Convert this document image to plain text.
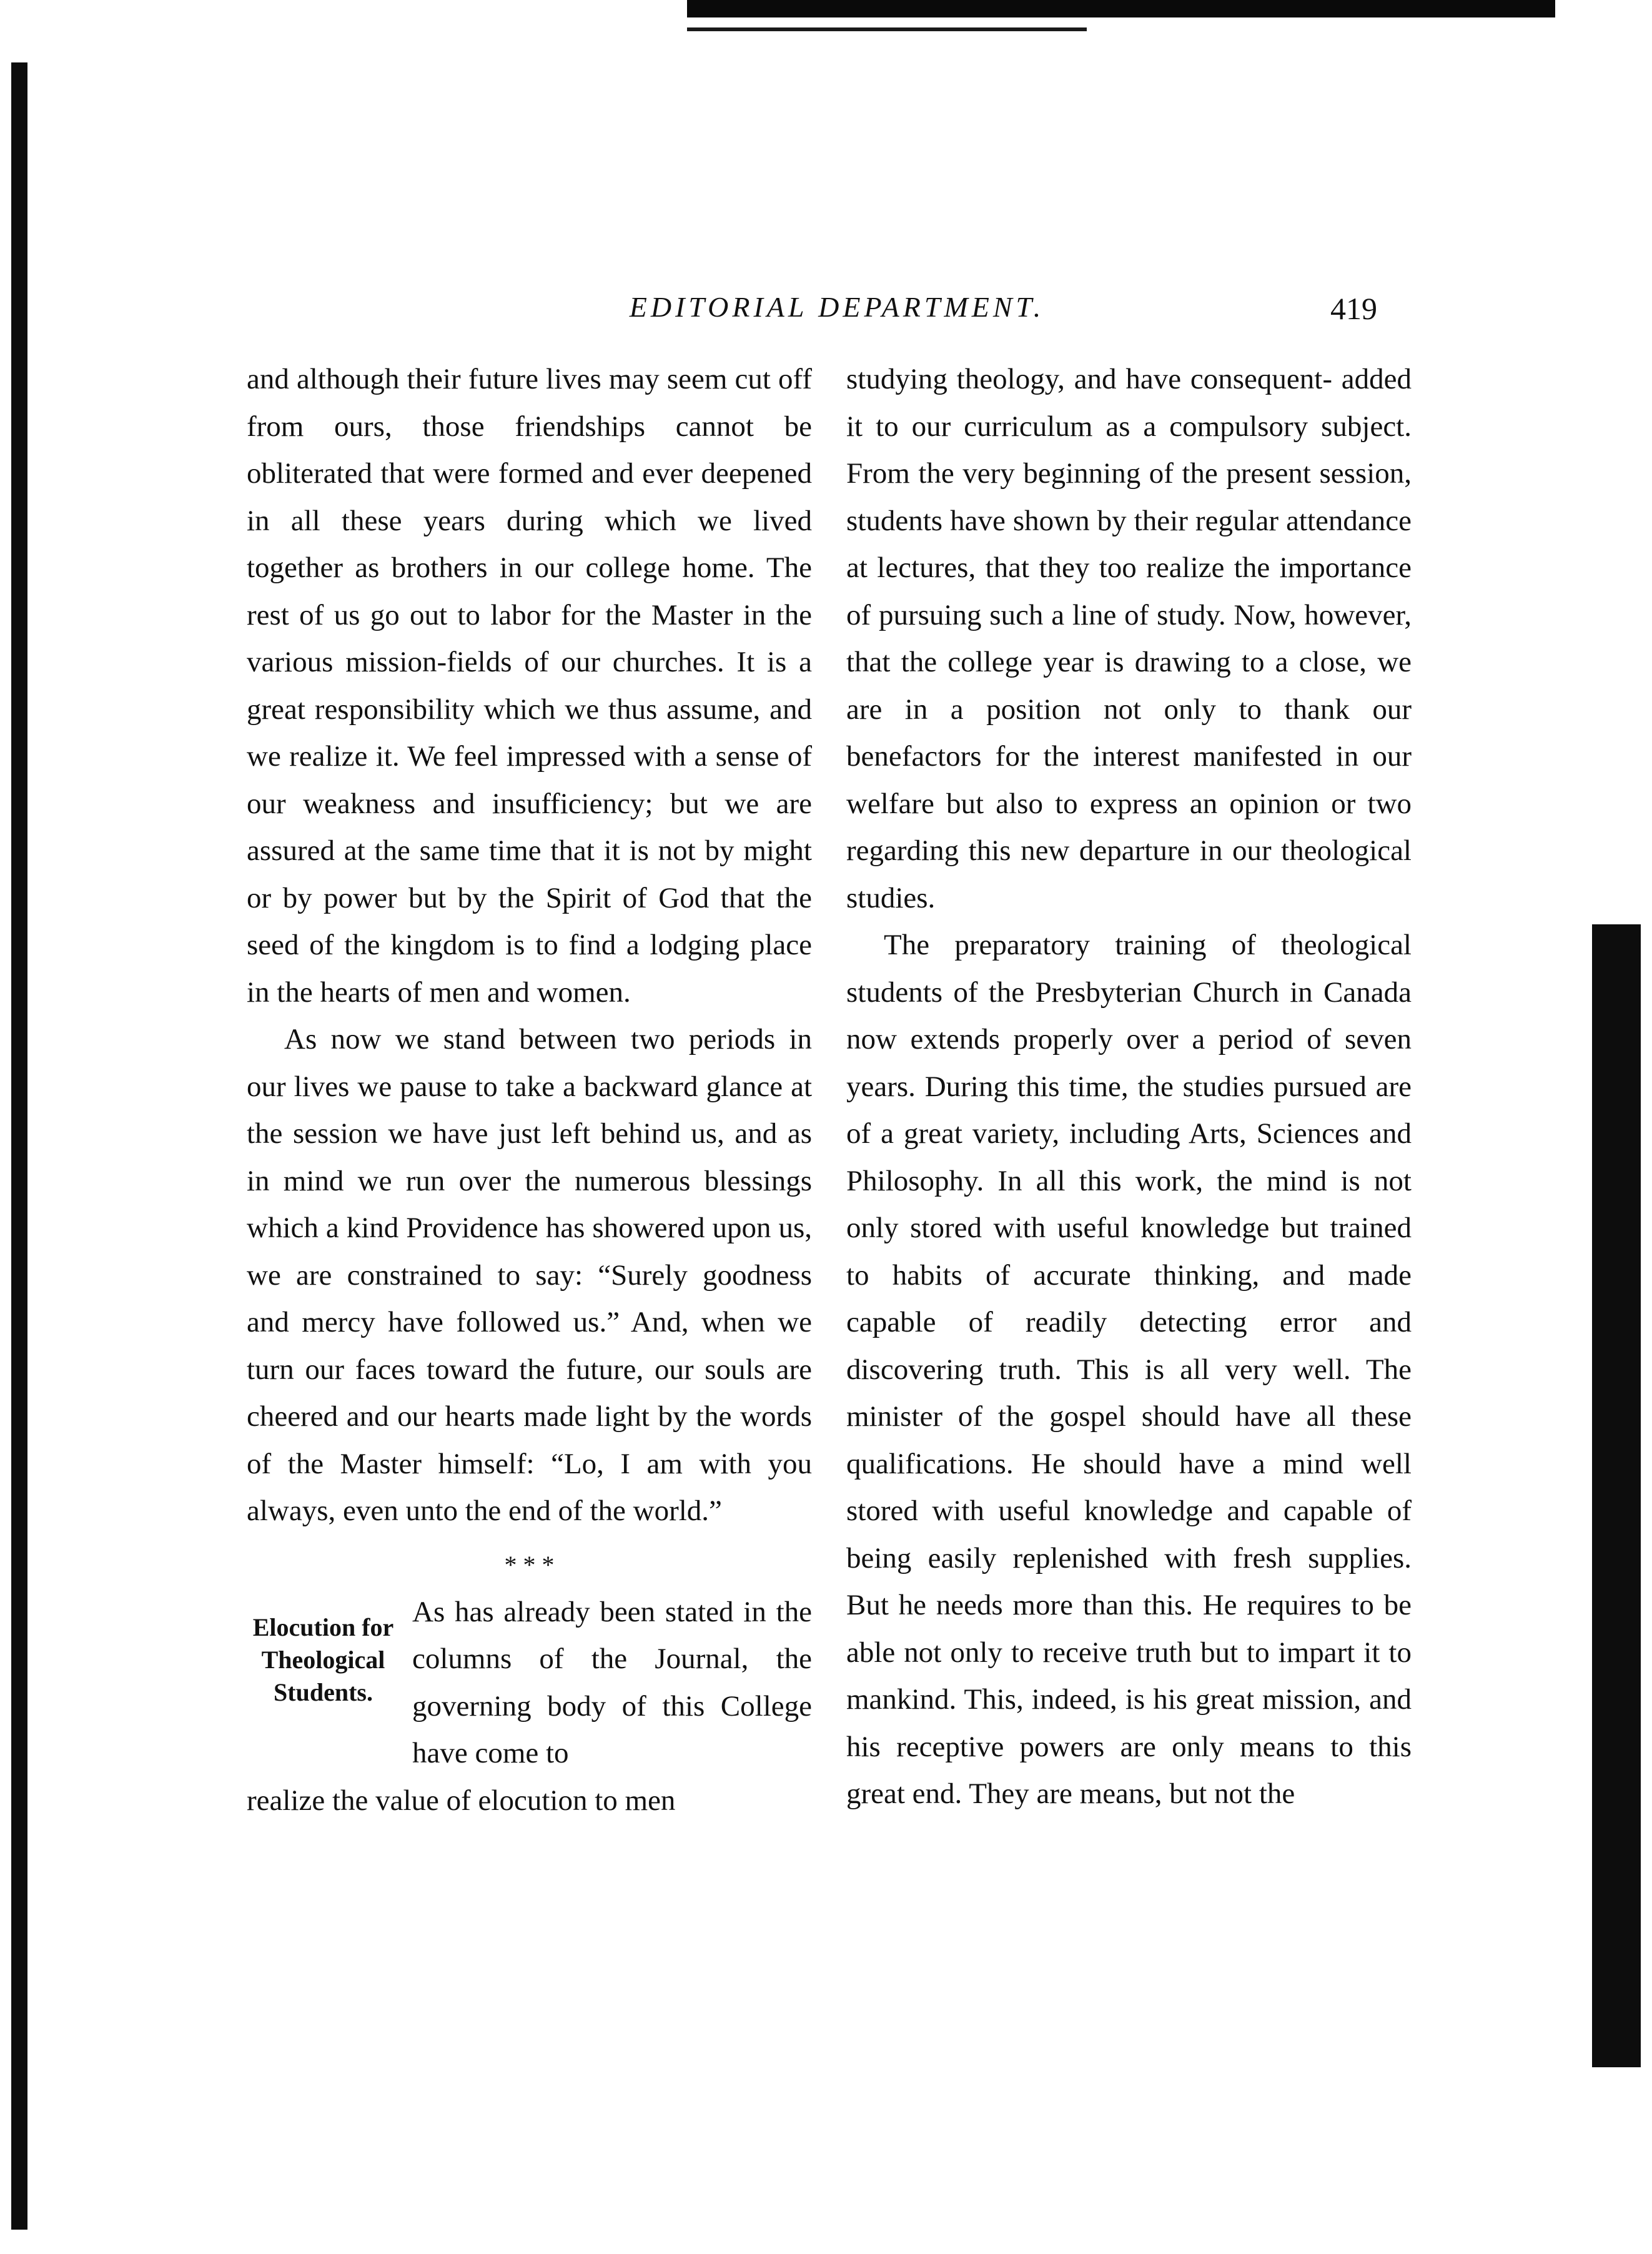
EDITORIAL DEPARTMENT.	419

and although their future lives may seem cut off from ours, those friendships cannot be obliterated that were formed and ever deepened in all these years during which we lived together as brothers in our college home. The rest of us go out to labor for the Master in the various mission-fields of our churches. It is a great responsibility which we thus assume, and we realize it. We feel impressed with a sense of our weakness and insufficiency; but we are assured at the same time that it is not by might or by power but by the Spirit of God that the seed of the kingdom is to find a lodging place in the hearts of men and women.

As now we stand between two periods in our lives we pause to take a backward glance at the session we have just left behind us, and as in mind we run over the numerous blessings which a kind Providence has showered upon us, we are constrained to say: “Surely goodness and mercy have followed us.” And, when we turn our faces toward the future, our souls are cheered and our hearts made light by the words of the Master himself: “Lo, I am with you always, even unto the end of the world.”

* * *
Elocution for Theological Students.
As has already been stated in the columns of the Journal, the governing body of this College have come to

realize the value of elocution to men

studying theology, and have consequent- added it to our curriculum as a compulsory subject. From the very beginning of the present session, students have shown by their regular attendance at lectures, that they too realize the importance of pursuing such a line of study. Now, however, that the college year is drawing to a close, we are in a position not only to thank our benefactors for the interest manifested in our welfare but also to express an opinion or two regarding this new departure in our theological studies.

The preparatory training of theological students of the Presbyterian Church in Canada now extends properly over a period of seven years. During this time, the studies pursued are of a great variety, including Arts, Sciences and Philosophy. In all this work, the mind is not only stored with useful knowledge but trained to habits of accurate thinking, and made capable of readily detecting error and discovering truth. This is all very well. The minister of the gospel should have all these qualifications. He should have a mind well stored with useful knowledge and capable of being easily replenished with fresh supplies. But he needs more than this. He requires to be able not only to receive truth but to impart it to mankind. This, indeed, is his great mission, and his receptive powers are only means to this great end. They are means, but not the
